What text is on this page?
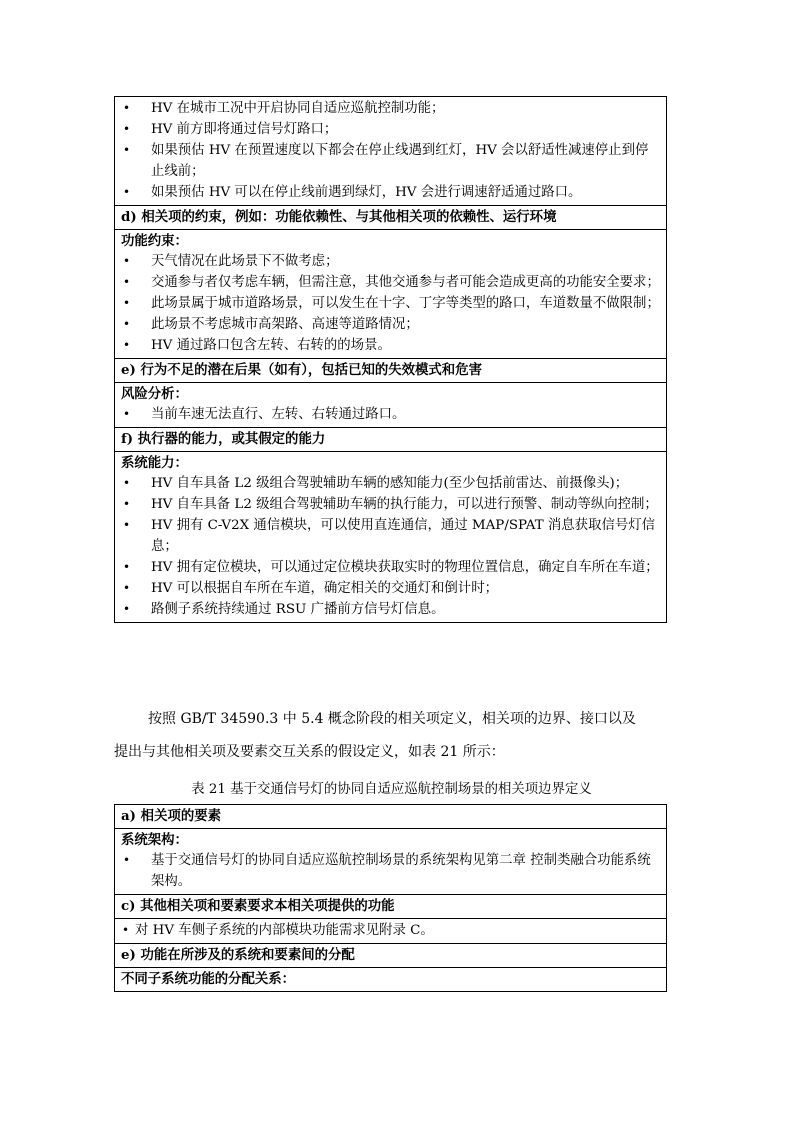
• HV 在城市工况中开启协同自适应巡航控制功能；
• HV 前方即将通过信号灯路口；
• 如果预估 HV 在预置速度以下都会在停止线遇到红灯，HV 会以舒适性减速停止到停止线前；
• 如果预估 HV 可以在停止线前遇到绿灯，HV 会进行调速舒适通过路口。
d) 相关项的约束，例如：功能依赖性、与其他相关项的依赖性、运行环境
功能约束：
• 天气情况在此场景下不做考虑；
• 交通参与者仅考虑车辆，但需注意，其他交通参与者可能会造成更高的功能安全要求；
• 此场景属于城市道路场景，可以发生在十字、丁字等类型的路口，车道数量不做限制；
• 此场景不考虑城市高架路、高速等道路情况；
• HV 通过路口包含左转、右转的的场景。
e) 行为不足的潜在后果（如有），包括已知的失效模式和危害
风险分析：
• 当前车速无法直行、左转、右转通过路口。
f) 执行器的能力，或其假定的能力
系统能力：
• HV 自车具备 L2 级组合驾驶辅助车辆的感知能力(至少包括前雷达、前摄像头)；
• HV 自车具备 L2 级组合驾驶辅助车辆的执行能力，可以进行预警、制动等纵向控制；
• HV 拥有 C-V2X 通信模块，可以使用直连通信，通过 MAP/SPAT 消息获取信号灯信息；
• HV 拥有定位模块，可以通过定位模块获取实时的物理位置信息，确定自车所在车道；
• HV 可以根据自车所在车道，确定相关的交通灯和倒计时；
• 路侧子系统持续通过 RSU 广播前方信号灯信息。
按照 GB/T 34590.3 中 5.4 概念阶段的相关项定义，相关项的边界、接口以及
提出与其他相关项及要素交互关系的假设定义，如表 21 所示：
表 21 基于交通信号灯的协同自适应巡航控制场景的相关项边界定义
a) 相关项的要素
系统架构：
• 基于交通信号灯的协同自适应巡航控制场景的系统架构见第二章 控制类融合功能系统架构。
c) 其他相关项和要素要求本相关项提供的功能
• 对 HV 车侧子系统的内部模块功能需求见附录 C。
e) 功能在所涉及的系统和要素间的分配
不同子系统功能的分配关系：
